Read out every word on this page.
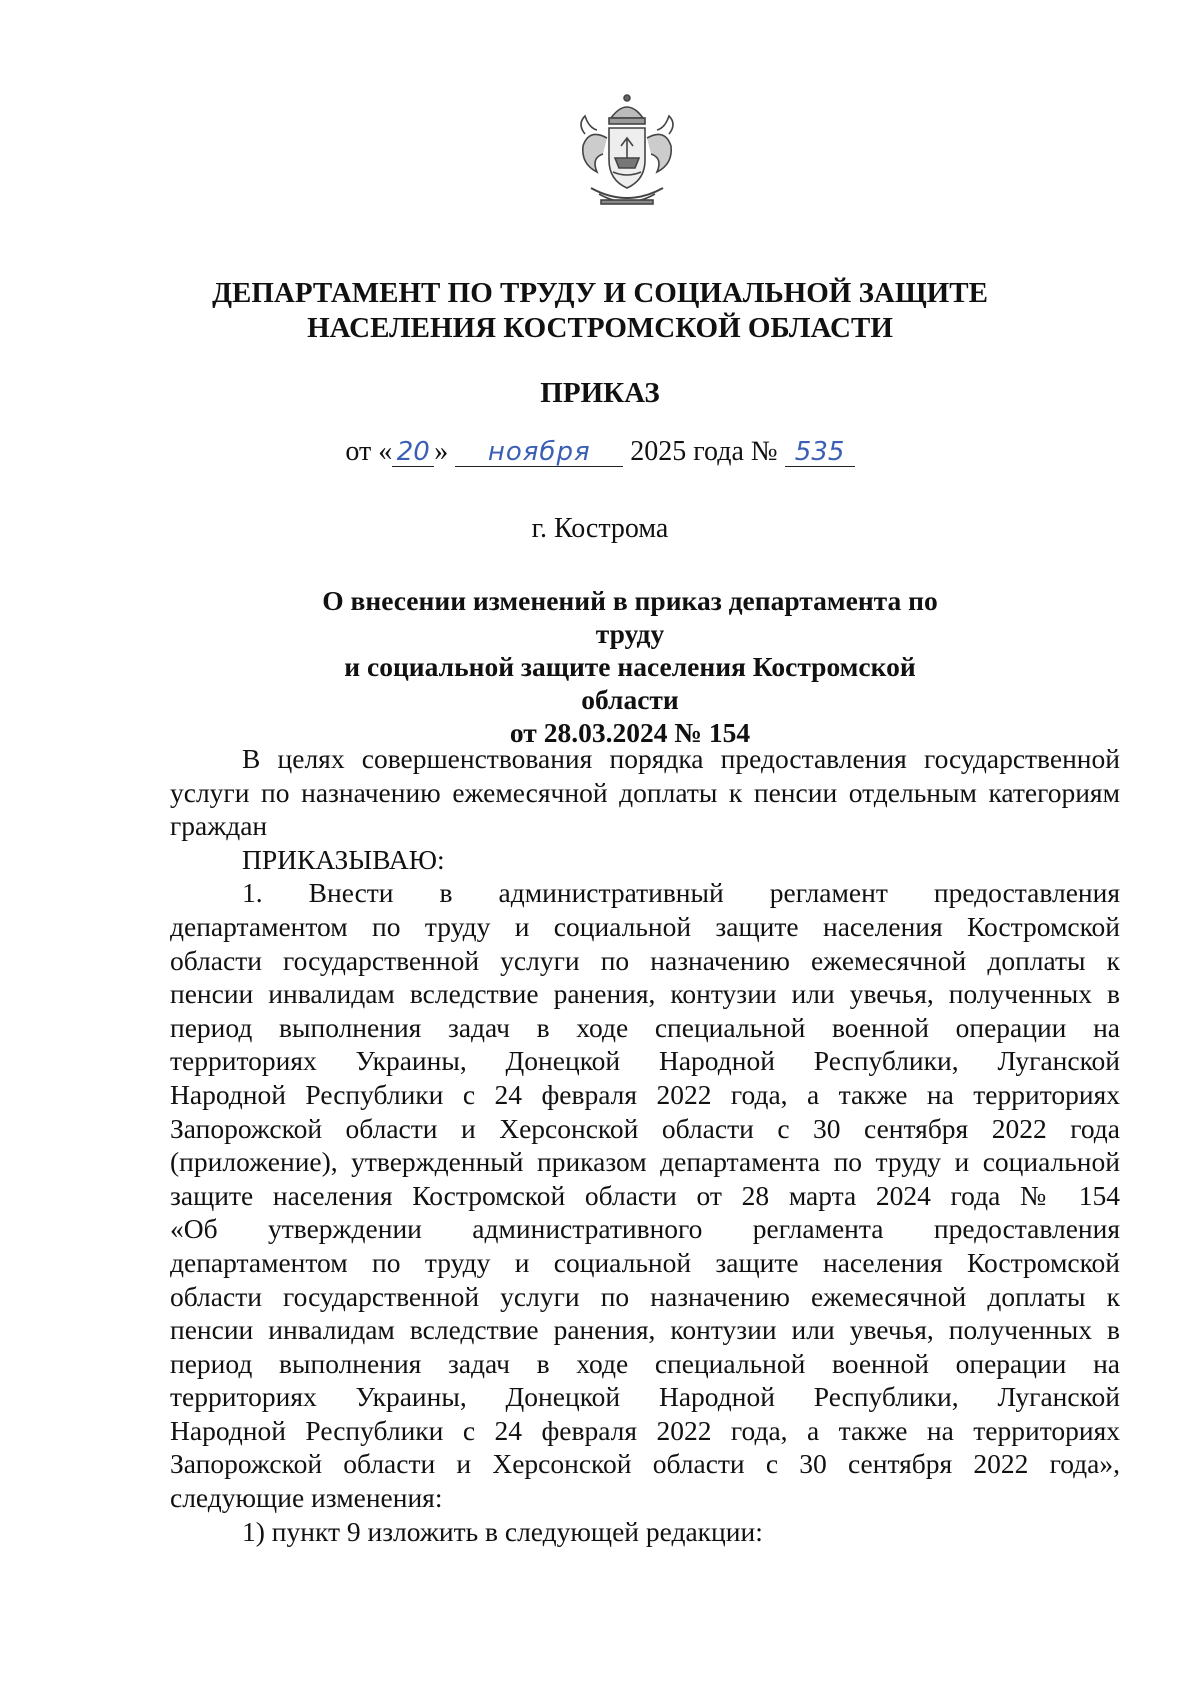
ДЕПАРТАМЕНТ ПО ТРУДУ И СОЦИАЛЬНОЙ ЗАЩИТЕ
НАСЕЛЕНИЯ КОСТРОМСКОЙ ОБЛАСТИ

ПРИКАЗ

от « 20 » ноября 2025 года № 535
г. Кострома

О внесении изменений в приказ департамента по труду
и социальной защите населения Костромской области
от 28.03.2024 № 154

В целях совершенствования порядка предоставления государственной
услуги по назначению ежемесячной доплаты к пенсии отдельным категориям
граждан
ПРИКАЗЫВАЮ:
1.   Внести   в   административный   регламент   предоставления
департаментом по труду и социальной защите населения Костромской
области государственной услуги по назначению ежемесячной доплаты к
пенсии инвалидам вследствие ранения, контузии или увечья, полученных в
период выполнения задач в ходе специальной военной операции на
территориях Украины, Донецкой Народной Республики, Луганской
Народной Республики с 24 февраля 2022 года, а также на территориях
Запорожской области и Херсонской области с 30 сентября 2022 года
(приложение), утвержденный приказом департамента по труду и социальной
защите населения Костромской области от 28 марта 2024 года № 154
«Об утверждении административного регламента предоставления
департаментом по труду и социальной защите населения Костромской
области государственной услуги по назначению ежемесячной доплаты к
пенсии инвалидам вследствие ранения, контузии или увечья, полученных в
период выполнения задач в ходе специальной военной операции на
территориях Украины, Донецкой Народной Республики, Луганской
Народной Республики с 24 февраля 2022 года, а также на территориях
Запорожской области и Херсонской области с 30 сентября 2022 года»,
следующие изменения:
1) пункт 9 изложить в следующей редакции:
